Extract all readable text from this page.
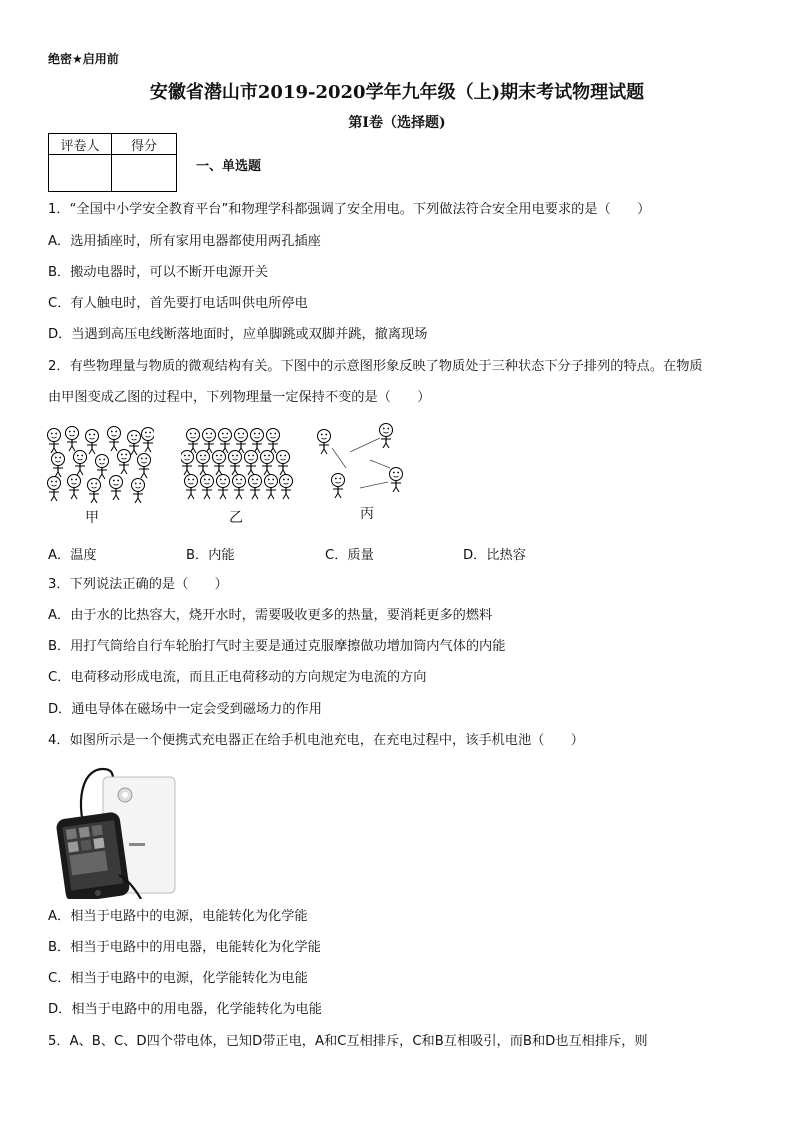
绝密★启用前
安徽省潜山市2019-2020学年九年级（上)期末考试物理试题
第I卷（选择题)
评卷人	得分

一、单选题
1．“全国中小学安全教育平台”和物理学科都强调了安全用电。下列做法符合安全用电要求的是（　　）
A．选用插座时，所有家用电器都使用两孔插座
B．搬动电器时，可以不断开电源开关
C．有人触电时，首先要打电话叫供电所停电
D．当遇到高压电线断落地面时，应单脚跳或双脚并跳，撤离现场
2．有些物理量与物质的微观结构有关。下图中的示意图形象反映了物质处于三种状态下分子排列的特点。在物质
由甲图变成乙图的过程中，下列物理量一定保持不变的是（　　）
甲	乙	丙
A．温度	B．内能	C．质量	D．比热容
3．下列说法正确的是（　　）
A．由于水的比热容大，烧开水时，需要吸收更多的热量，要消耗更多的燃料
B．用打气筒给自行车轮胎打气时主要是通过克服摩擦做功增加筒内气体的内能
C．电荷移动形成电流，而且正电荷移动的方向规定为电流的方向
D．通电导体在磁场中一定会受到磁场力的作用
4．如图所示是一个便携式充电器正在给手机电池充电，在充电过程中，该手机电池（　　）
A．相当于电路中的电源，电能转化为化学能
B．相当于电路中的用电器，电能转化为化学能
C．相当于电路中的电源，化学能转化为电能
D．相当于电路中的用电器，化学能转化为电能
5．A、B、C、D四个带电体，已知D带正电，A和C互相排斥，C和B互相吸引，而B和D也互相排斥，则
